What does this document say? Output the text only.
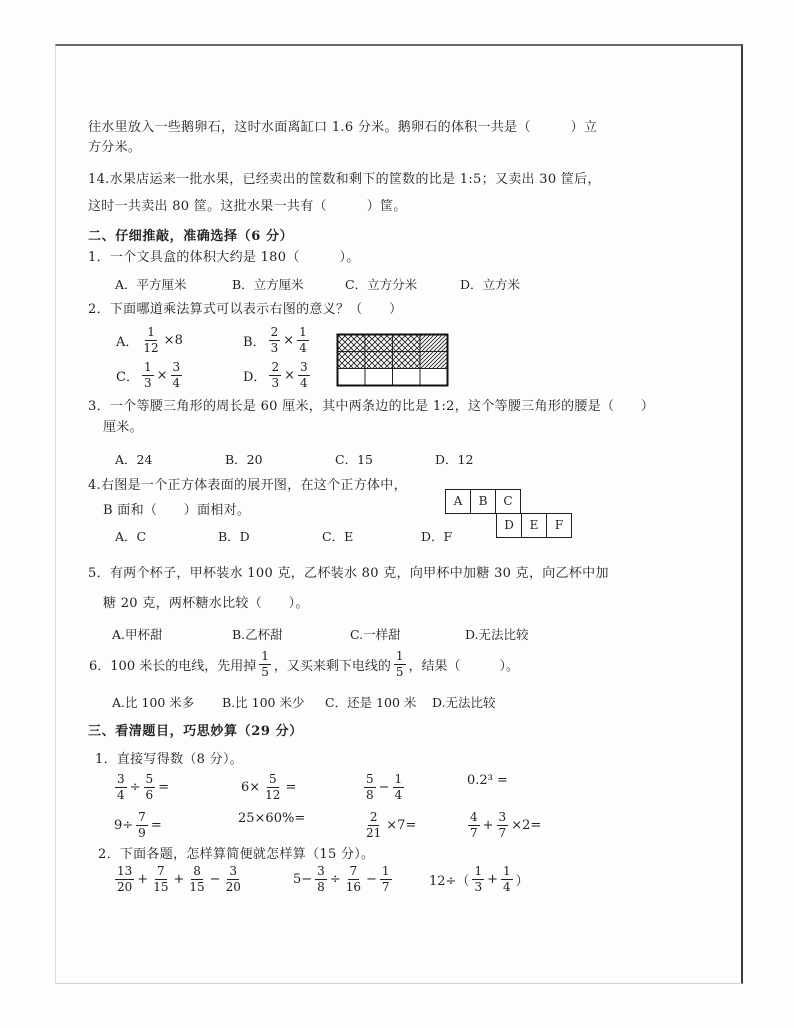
往水里放入一些鹅卵石，这时水面离缸口 1.6 分米。鹅卵石的体积一共是（　　　）立
方分米。
14.水果店运来一批水果，已经卖出的筐数和剩下的筐数的比是 1:5；又卖出 30 筐后，
这时一共卖出 80 筐。这批水果一共有（　　　）筐。
二、仔细推敲，准确选择（6 分）
1．一个文具盒的体积大约是 180（　　　）。
A．平方厘米	B．立方厘米	C．立方分米	D．立方米
2．下面哪道乘法算式可以表示右图的意义？（　　）
A． $\frac{1}{12} \times 8$	B． $\frac{2}{3} \times \frac{1}{4}$
C． $\frac{1}{3} \times \frac{3}{4}$	D． $\frac{2}{3} \times \frac{3}{4}$
3．一个等腰三角形的周长是 60 厘米，其中两条边的比是 1:2，这个等腰三角形的腰是（　　）
厘米。
A．24	B．20	C．15	D．12
4.右图是一个正方体表面的展开图，在这个正方体中，
B 面和（　　）面相对。
A．C	B．D	C．E	D．F
A	B	C
D	E	F
5．有两个杯子，甲杯装水 100 克，乙杯装水 80 克，向甲杯中加糖 30 克，向乙杯中加
糖 20 克，两杯糖水比较（　　）。
A.甲杯甜	B.乙杯甜	C.一样甜	D.无法比较
6．100 米长的电线，先用掉 $\frac{1}{5}$ ，又买来剩下电线的 $\frac{1}{5}$ ，结果（　　　）。
A.比 100 米多 B.比 100 米少 C．还是 100 米 D.无法比较
三、看清题目，巧思妙算（29 分）
1．直接写得数（8 分）。
$\frac{3}{4} \div \frac{5}{6}$ =	$6\times \frac{5}{12}$ =	$\frac{5}{8} - \frac{1}{4}$	0.2³ =
$9\div \frac{7}{9}$ =	25×60%=	$\frac{2}{21} \times 7=$	$\frac{4}{7} + \frac{3}{7} \times 2=$
2．下面各题，怎样算简便就怎样算（15 分）。
$\frac{13}{20} + \frac{7}{15} + \frac{8}{15} - \frac{3}{20}$	$5- \frac{3}{8} \div \frac{7}{16} - \frac{1}{7}$	$12\div( \frac{1}{3} + \frac{1}{4}$ ）
